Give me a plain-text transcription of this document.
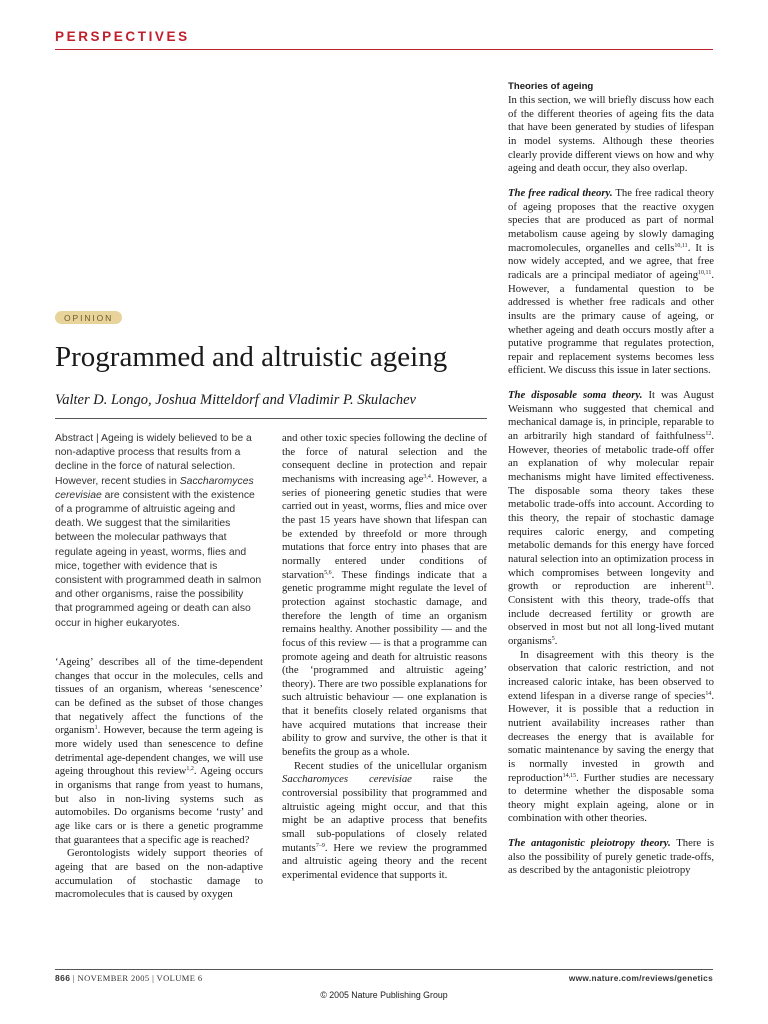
PERSPECTIVES
OPINION
Programmed and altruistic ageing
Valter D. Longo, Joshua Mitteldorf and Vladimir P. Skulachev
Abstract | Ageing is widely believed to be a non-adaptive process that results from a decline in the force of natural selection. However, recent studies in Saccharomyces cerevisiae are consistent with the existence of a programme of altruistic ageing and death. We suggest that the similarities between the molecular pathways that regulate ageing in yeast, worms, flies and mice, together with evidence that is consistent with programmed death in salmon and other organisms, raise the possibility that programmed ageing or death can also occur in higher eukaryotes.

‘Ageing’ describes all of the time-dependent changes that occur in the molecules, cells and tissues of an organism, whereas ‘senescence’ can be defined as the subset of those changes that negatively affect the functions of the organism$^1$. However, because the term ageing is more widely used than senescence to define detrimental age-dependent changes, we will use ageing throughout this review$^{1,2}$. Ageing occurs in organisms that range from yeast to humans, but also in non-living systems such as automobiles. Do organisms become ‘rusty’ and age like cars or is there a genetic programme that guarantees that a specific age is reached?

Gerontologists widely support theories of ageing that are based on the non-adaptive accumulation of stochastic damage to macromolecules that is caused by oxygen

and other toxic species following the decline of the force of natural selection and the consequent decline in protection and repair mechanisms with increasing age$^{3,4}$. However, a series of pioneering genetic studies that were carried out in yeast, worms, flies and mice over the past 15 years have shown that lifespan can be extended by threefold or more through mutations that force entry into phases that are normally entered under conditions of starvation$^{5,6}$. These findings indicate that a genetic programme might regulate the level of protection against stochastic damage, and therefore the length of time an organism remains healthy. Another possibility — and the focus of this review — is that a programme can promote ageing and death for altruistic reasons (the ‘programmed and altruistic ageing’ theory). There are two possible explanations for such altruistic behaviour — one explanation is that it benefits closely related organisms that have acquired mutations that increase their ability to grow and survive, the other is that it benefits the group as a whole.

Recent studies of the unicellular organism Saccharomyces cerevisiae raise the controversial possibility that programmed and altruistic ageing might occur, and that this might be an adaptive process that benefits small sub-populations of closely related mutants$^{7-9}$. Here we review the programmed and altruistic ageing theory and the recent experimental evidence that supports it.

Theories of ageing

In this section, we will briefly discuss how each of the different theories of ageing fits the data that have been generated by studies of lifespan in model systems. Although these theories clearly provide different views on how and why ageing and death occur, they also overlap.

The free radical theory. The free radical theory of ageing proposes that the reactive oxygen species that are produced as part of normal metabolism cause ageing by slowly damaging macromolecules, organelles and cells$^{10,11}$. It is now widely accepted, and we agree, that free radicals are a principal mediator of ageing$^{10,11}$. However, a fundamental question to be addressed is whether free radicals and other insults are the primary cause of ageing, or whether ageing and death occurs mostly after a putative programme that regulates protection, repair and replacement systems becomes less efficient. We discuss this issue in later sections.

The disposable soma theory. It was August Weismann who suggested that chemical and mechanical damage is, in principle, reparable to an arbitrarily high standard of faithfulness$^{12}$. However, theories of metabolic trade-off offer an explanation of why molecular repair mechanisms might have limited effectiveness. The disposable soma theory takes these metabolic trade-offs into account. According to this theory, the repair of stochastic damage requires caloric energy, and competing metabolic demands for this energy have forced natural selection into an optimization process in which compromises between longevity and growth or reproduction are inherent$^{13}$. Consistent with this theory, trade-offs that include decreased fertility or growth are observed in most but not all long-lived mutant organisms$^5$.

In disagreement with this theory is the observation that caloric restriction, and not increased caloric intake, has been observed to extend lifespan in a diverse range of species$^{14}$. However, it is possible that a reduction in nutrient availability increases rather than decreases the energy that is available for somatic maintenance by saving the energy that is normally invested in growth and reproduction$^{14,15}$. Further studies are necessary to determine whether the disposable soma theory might explain ageing, alone or in combination with other theories.

The antagonistic pleiotropy theory. There is also the possibility of purely genetic trade-offs, as described by the antagonistic pleiotropy

866 | NOVEMBER 2005 | VOLUME 6	www.nature.com/reviews/genetics
© 2005 Nature Publishing Group
